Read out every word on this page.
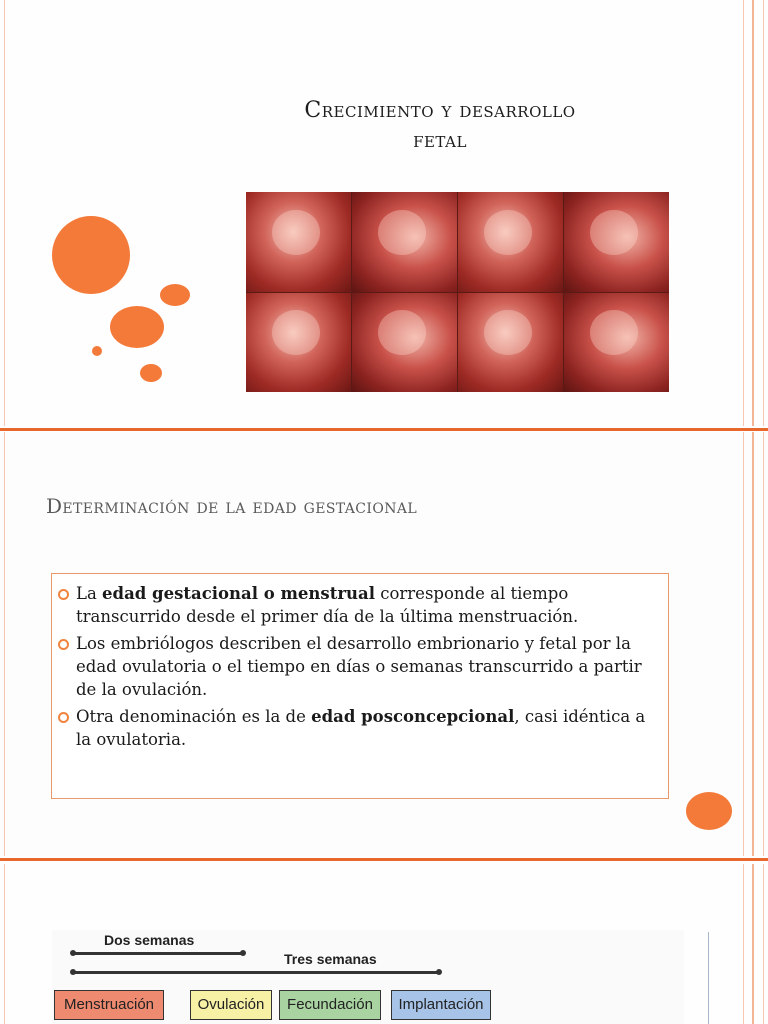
Crecimiento y desarrollo
fetal
Determinación de la edad gestacional
La edad gestacional o menstrual corresponde al tiempo transcurrido desde el primer día de la última menstruación.
Los embriólogos describen el desarrollo embrionario y fetal por la edad ovulatoria o el tiempo en días o semanas transcurrido a partir de la ovulación.
Otra denominación es la de edad posconcepcional, casi idéntica a la ovulatoria.
Dos semanas
Tres semanas
Menstruación	Ovulación	Fecundación	Implantación
